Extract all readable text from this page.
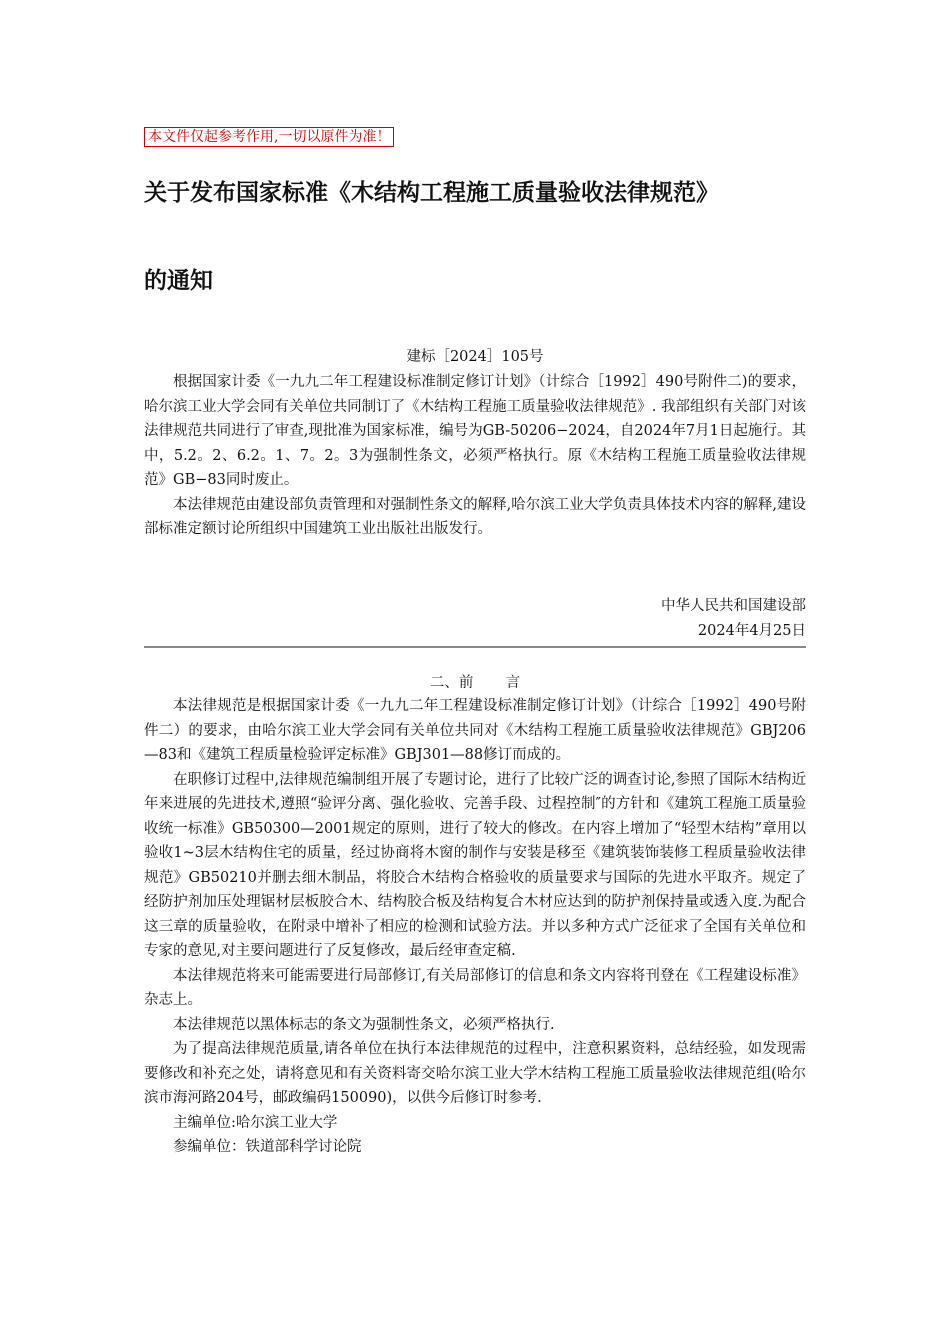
本文件仅起参考作用,一切以原件为准！
关于发布国家标准《木结构工程施工质量验收法律规范》
的通知
建标［2024］105号

根据国家计委《一九九二年工程建设标准制定修订计划》（计综合［1992］490号附件二)的要求，哈尔滨工业大学会同有关单位共同制订了《木结构工程施工质量验收法律规范》. 我部组织有关部门对该法律规范共同进行了审查,现批准为国家标准，编号为GB-50206−2024，自2024年7月1日起施行。其中，5.2。2、6.2。1、7。2。3为强制性条文，必须严格执行。原《木结构工程施工质量验收法律规范》GB−83同时废止。

本法律规范由建设部负责管理和对强制性条文的解释,哈尔滨工业大学负责具体技术内容的解释,建设部标准定额讨论所组织中国建筑工业出版社出版发行。

中华人民共和国建设部
2024年4月25日
二、前       言

本法律规范是根据国家计委《一九九二年工程建设标准制定修订计划》（计综合［1992］490号附件二）的要求，由哈尔滨工业大学会同有关单位共同对《木结构工程施工质量验收法律规范》GBJ206—83和《建筑工程质量检验评定标准》GBJ301—88修订而成的。

在职修订过程中,法律规范编制组开展了专题讨论，进行了比较广泛的调查讨论,参照了国际木结构近年来进展的先进技术,遵照“验评分离、强化验收、完善手段、过程控制″的方针和《建筑工程施工质量验收统一标准》GB50300—2001规定的原则，进行了较大的修改。在内容上增加了“轻型木结构”章用以验收1~3层木结构住宅的质量，经过协商将木窗的制作与安装是移至《建筑装饰装修工程质量验收法律规范》GB50210并删去细木制品，将胶合木结构合格验收的质量要求与国际的先进水平取齐。规定了经防护剂加压处理锯材层板胶合木、结构胶合板及结构复合木材应达到的防护剂保持量或透入度.为配合这三章的质量验收，在附录中增补了相应的检测和试验方法。并以多种方式广泛征求了全国有关单位和专家的意见,对主要问题进行了反复修改，最后经审查定稿.

本法律规范将来可能需要进行局部修订,有关局部修订的信息和条文内容将刊登在《工程建设标准》杂志上。

本法律规范以黑体标志的条文为强制性条文，必须严格执行.

为了提高法律规范质量,请各单位在执行本法律规范的过程中，注意积累资料，总结经验，如发现需要修改和补充之处，请将意见和有关资料寄交哈尔滨工业大学木结构工程施工质量验收法律规范组(哈尔滨市海河路204号，邮政编码150090)，以供今后修订时参考.

主编单位:哈尔滨工业大学

参编单位：铁道部科学讨论院
